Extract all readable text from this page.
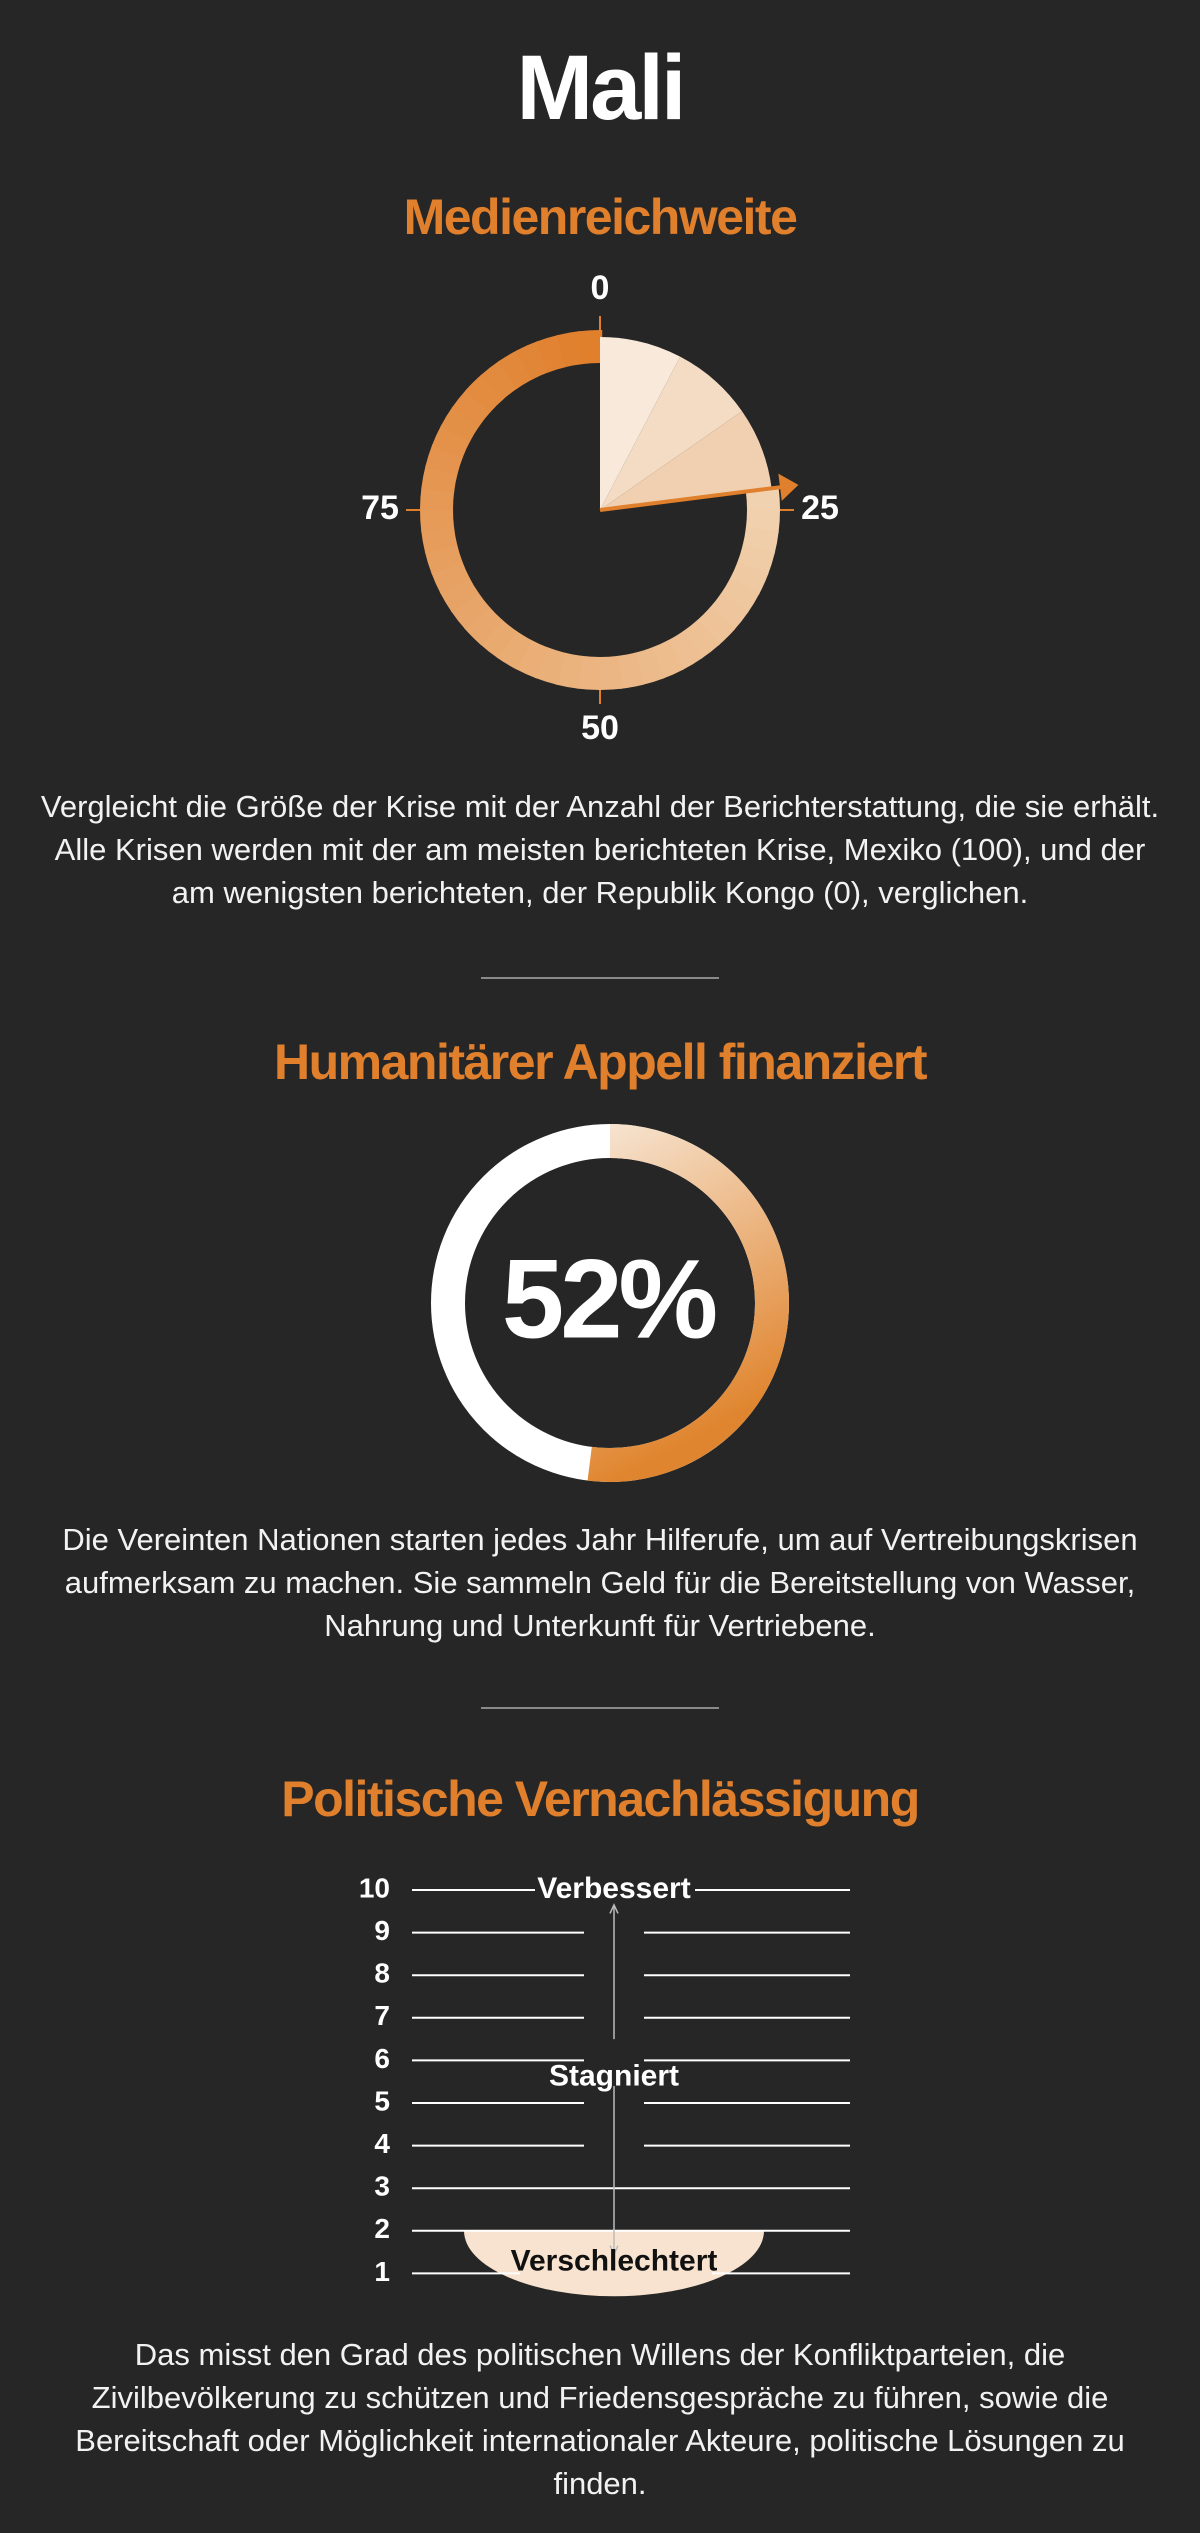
Mali
Medienreichweite
0
25
50
75

Vergleicht die Größe der Krise mit der Anzahl der Berichterstattung, die sie erhält. Alle Krisen werden mit der am meisten berichteten Krise, Mexiko (100), und der am wenigsten berichteten, der Republik Kongo (0), verglichen.

Humanitärer Appell finanziert
52%

Die Vereinten Nationen starten jedes Jahr Hilferufe, um auf Vertreibungskrisen aufmerksam zu machen. Sie sammeln Geld für die Bereitstellung von Wasser, Nahrung und Unterkunft für Vertriebene.

Politische Vernachlässigung
10
9
8
7
6
5
4
3
2
1
Verbessert
Stagniert
Verschlechtert

Das misst den Grad des politischen Willens der Konfliktparteien, die Zivilbevölkerung zu schützen und Friedensgespräche zu führen, sowie die Bereitschaft oder Möglichkeit internationaler Akteure, politische Lösungen zu finden.
